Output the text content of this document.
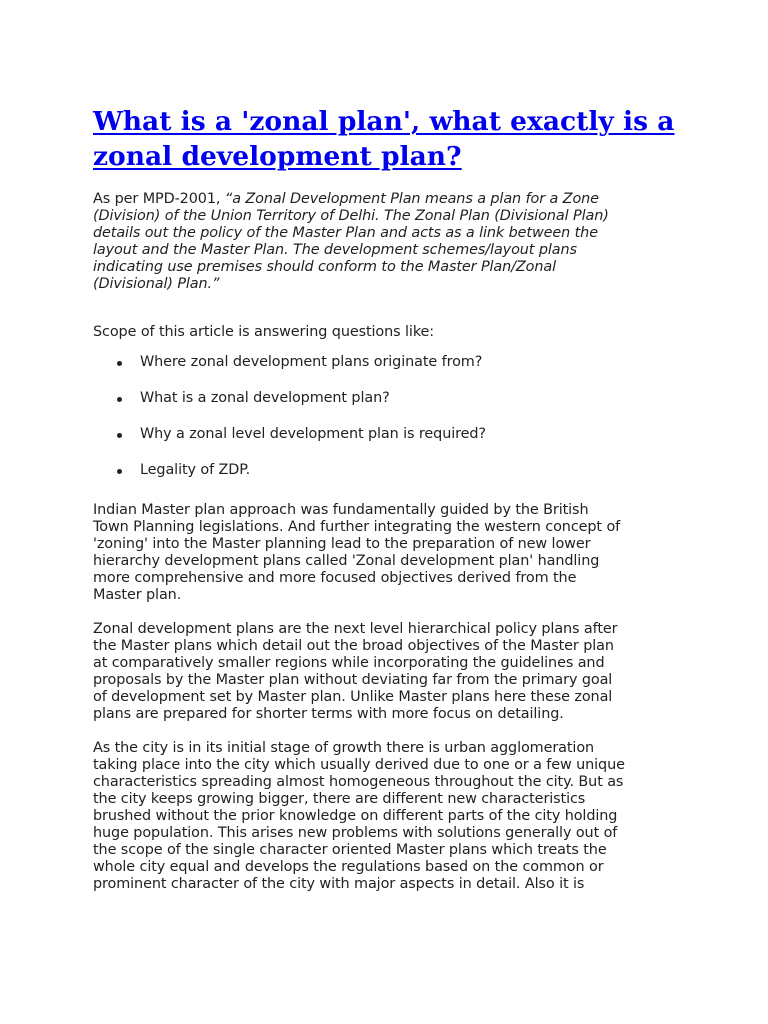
What is a 'zonal plan', what exactly is a
zonal development plan?

As per MPD-2001, “a Zonal Development Plan means a plan for a Zone
(Division) of the Union Territory of Delhi. The Zonal Plan (Divisional Plan)
details out the policy of the Master Plan and acts as a link between the
layout and the Master Plan. The development schemes/layout plans
indicating use premises should conform to the Master Plan/Zonal
(Divisional) Plan.”

Scope of this article is answering questions like:

Where zonal development plans originate from?
What is a zonal development plan?
Why a zonal level development plan is required?
Legality of ZDP.

Indian Master plan approach was fundamentally guided by the British
Town Planning legislations. And further integrating the western concept of
'zoning' into the Master planning lead to the preparation of new lower
hierarchy development plans called 'Zonal development plan' handling
more comprehensive and more focused objectives derived from the
Master plan.

Zonal development plans are the next level hierarchical policy plans after
the Master plans which detail out the broad objectives of the Master plan
at comparatively smaller regions while incorporating the guidelines and
proposals by the Master plan without deviating far from the primary goal
of development set by Master plan. Unlike Master plans here these zonal
plans are prepared for shorter terms with more focus on detailing.

As the city is in its initial stage of growth there is urban agglomeration
taking place into the city which usually derived due to one or a few unique
characteristics spreading almost homogeneous throughout the city. But as
the city keeps growing bigger, there are different new characteristics
brushed without the prior knowledge on different parts of the city holding
huge population. This arises new problems with solutions generally out of
the scope of the single character oriented Master plans which treats the
whole city equal and develops the regulations based on the common or
prominent character of the city with major aspects in detail. Also it is
